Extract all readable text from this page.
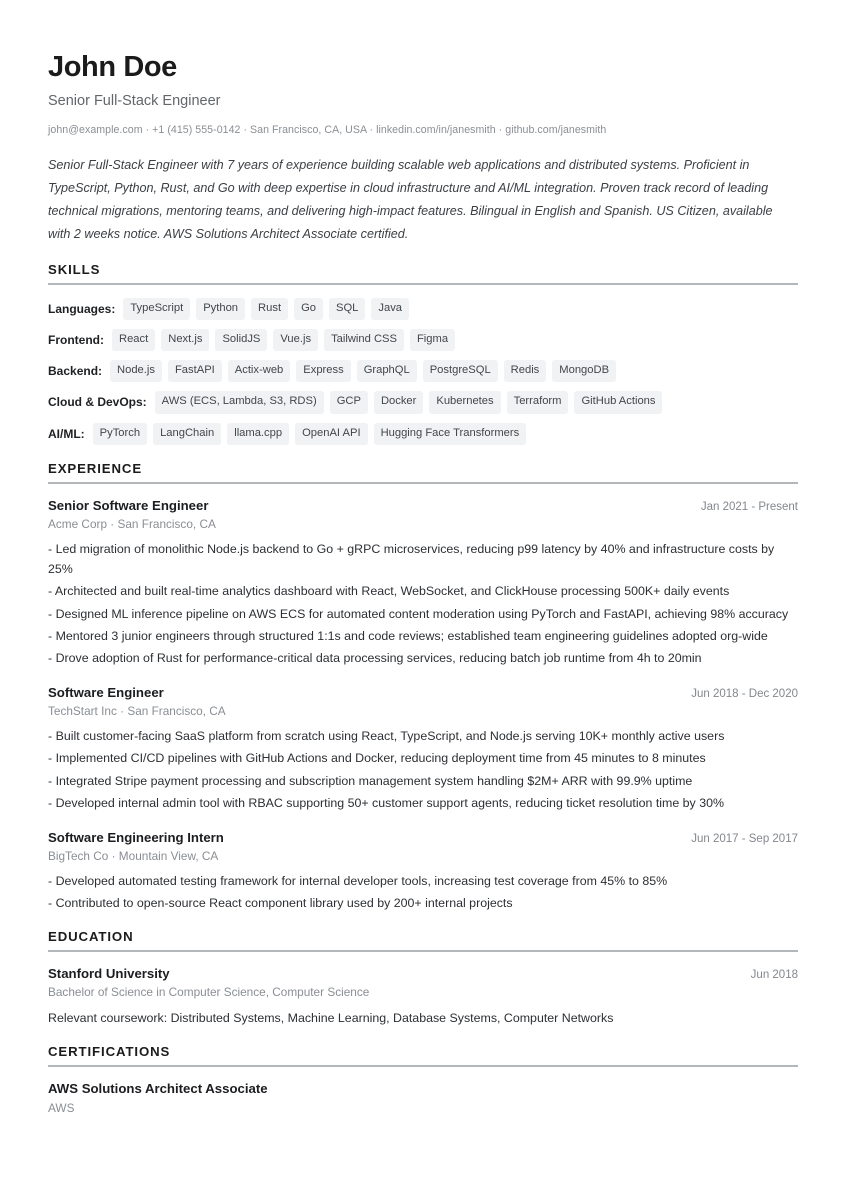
John Doe
Senior Full-Stack Engineer
john@example.com · +1 (415) 555-0142 · San Francisco, CA, USA · linkedin.com/in/janesmith · github.com/janesmith

Senior Full-Stack Engineer with 7 years of experience building scalable web applications and distributed systems. Proficient in TypeScript, Python, Rust, and Go with deep expertise in cloud infrastructure and AI/ML integration. Proven track record of leading technical migrations, mentoring teams, and delivering high-impact features. Bilingual in English and Spanish. US Citizen, available with 2 weeks notice. AWS Solutions Architect Associate certified.

SKILLS
Languages:	TypeScript	Python	Rust	Go	SQL	Java
Frontend:	React	Next.js	SolidJS	Vue.js	Tailwind CSS	Figma
Backend:	Node.js	FastAPI	Actix-web	Express	GraphQL	PostgreSQL	Redis	MongoDB
Cloud & DevOps:	AWS (ECS, Lambda, S3, RDS)	GCP	Docker	Kubernetes	Terraform	GitHub Actions
AI/ML:	PyTorch	LangChain	llama.cpp	OpenAI API	Hugging Face Transformers
EXPERIENCE
Senior Software Engineer	Jan 2021 - Present
Acme Corp · San Francisco, CA

- Led migration of monolithic Node.js backend to Go + gRPC microservices, reducing p99 latency by 40% and infrastructure costs by 25%

- Architected and built real-time analytics dashboard with React, WebSocket, and ClickHouse processing 500K+ daily events

- Designed ML inference pipeline on AWS ECS for automated content moderation using PyTorch and FastAPI, achieving 98% accuracy

- Mentored 3 junior engineers through structured 1:1s and code reviews; established team engineering guidelines adopted org-wide

- Drove adoption of Rust for performance-critical data processing services, reducing batch job runtime from 4h to 20min

Software Engineer	Jun 2018 - Dec 2020
TechStart Inc · San Francisco, CA

- Built customer-facing SaaS platform from scratch using React, TypeScript, and Node.js serving 10K+ monthly active users

- Implemented CI/CD pipelines with GitHub Actions and Docker, reducing deployment time from 45 minutes to 8 minutes

- Integrated Stripe payment processing and subscription management system handling $2M+ ARR with 99.9% uptime

- Developed internal admin tool with RBAC supporting 50+ customer support agents, reducing ticket resolution time by 30%

Software Engineering Intern	Jun 2017 - Sep 2017
BigTech Co · Mountain View, CA

- Developed automated testing framework for internal developer tools, increasing test coverage from 45% to 85%

- Contributed to open-source React component library used by 200+ internal projects

EDUCATION
Stanford University	Jun 2018
Bachelor of Science in Computer Science, Computer Science
Relevant coursework: Distributed Systems, Machine Learning, Database Systems, Computer Networks
CERTIFICATIONS
AWS Solutions Architect Associate
AWS
